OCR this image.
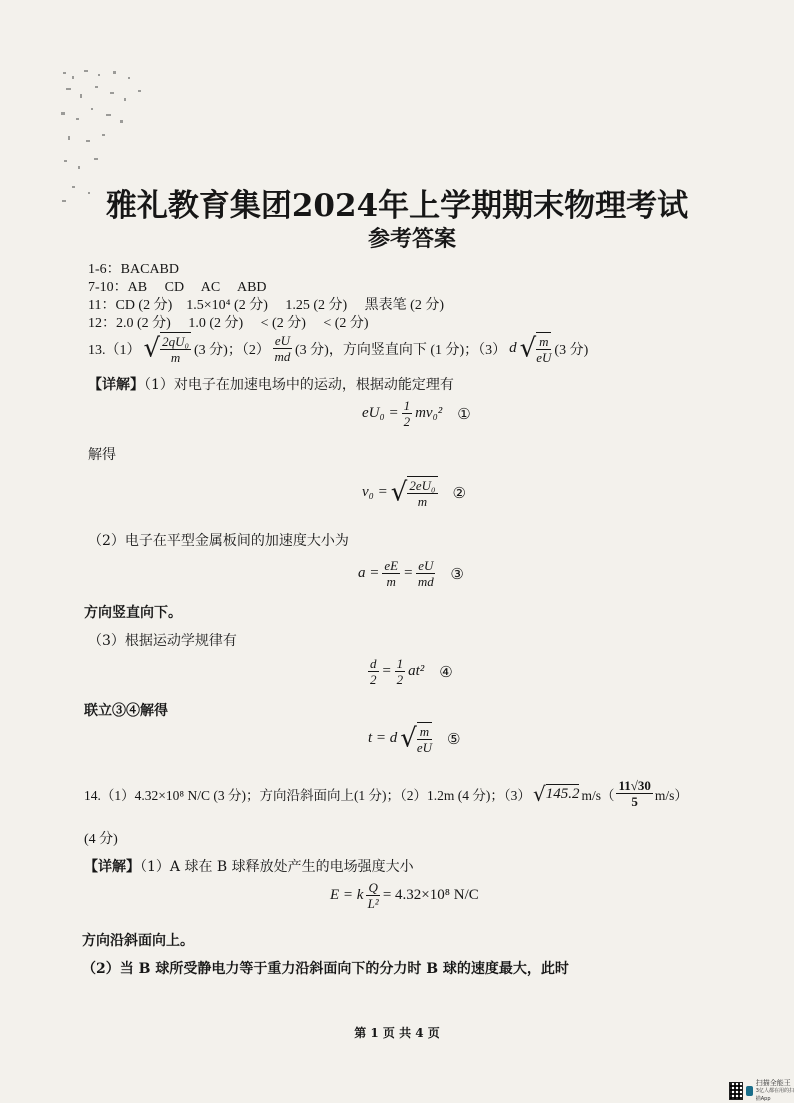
雅礼教育集团2024年上学期期末物理考试
参考答案
1-6：BACABD
7-10：AB　 CD　 AC　 ABD
11：CD (2 分)　1.5×10⁴ (2 分)　 1.25 (2 分)　 黑表笔 (2 分)
12：2.0 (2 分)　 1.0 (2 分)　 < (2 分)　 < (2 分)
13.（1） √ $\frac{\text{2qU₀}}{m} (3$ 分)；$(2) \frac{eU}{md} (3$ 分)，方向竖直向下 (1 分)；（3） d √ $\frac{m}{eU} (3$ 分)
【详解】（1）对电子在加速电场中的运动，根据动能定理有
$eU_0 = \frac{1}{2} mv_0^2$ ①
解得
v₀ = √ $\frac{\text{2eU₀}}{m}$ ②
（2）电子在平型金属板间的加速度大小为
$a = \frac{eE}{m} = \frac{eU}{md}$ ③
方向竖直向下。
（3）根据运动学规律有
$\frac{d}{2} = \frac{1}{2} at^2$ ④
联立③④解得
t = d √ $\frac{m}{eU}$ ⑤
14.（1）4.32×10⁸ N/C (3 分)；方向沿斜面向上(1 分)；（2）1.2m (4 分)；（3） √145.2 $m/s( \frac{11√30}{5} m/s)$
(4 分)
【详解】（1）A 球在 B 球释放处产生的电场强度大小
E = k $\frac{Q}{\text{L²}} = 4.32\times 10^8$ N/C
方向沿斜面向上。
（2）当 B 球所受静电力等于重力沿斜面向下的分力时 B 球的速度最大，此时
第 1 页 共 4 页
扫描全能王
3亿人都在用的扫描App
